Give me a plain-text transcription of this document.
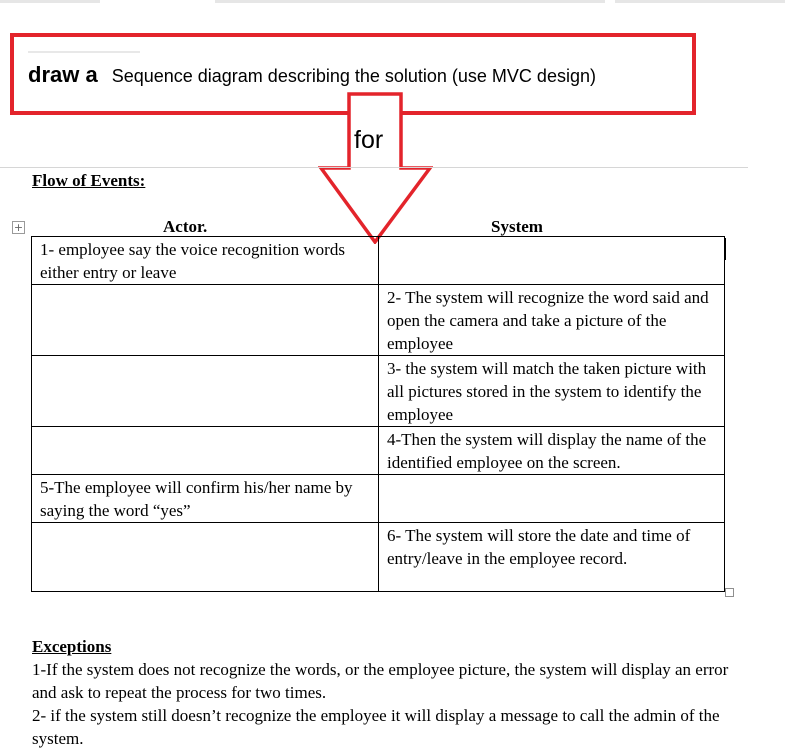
draw a Sequence diagram describing the solution (use MVC design)
for
Flow of Events:
+	Actor.	System
1- employee say the voice recognition words either entry or leave	
	2- The system will recognize the word said and open the camera and take a picture of the employee
	3- the system will match the taken picture with all pictures stored in the system to identify the employee
	4-Then the system will display the name of the identified employee on the screen.
5-The employee will confirm his/her name by saying the word “yes”	
	6- The system will store the date and time of entry/leave in the employee record.
Exceptions
1-If the system does not recognize the words, or the employee picture, the system will display an error and ask to repeat the process for two times.
2- if the system still doesn’t recognize the employee it will display a message to call the admin of the system.
